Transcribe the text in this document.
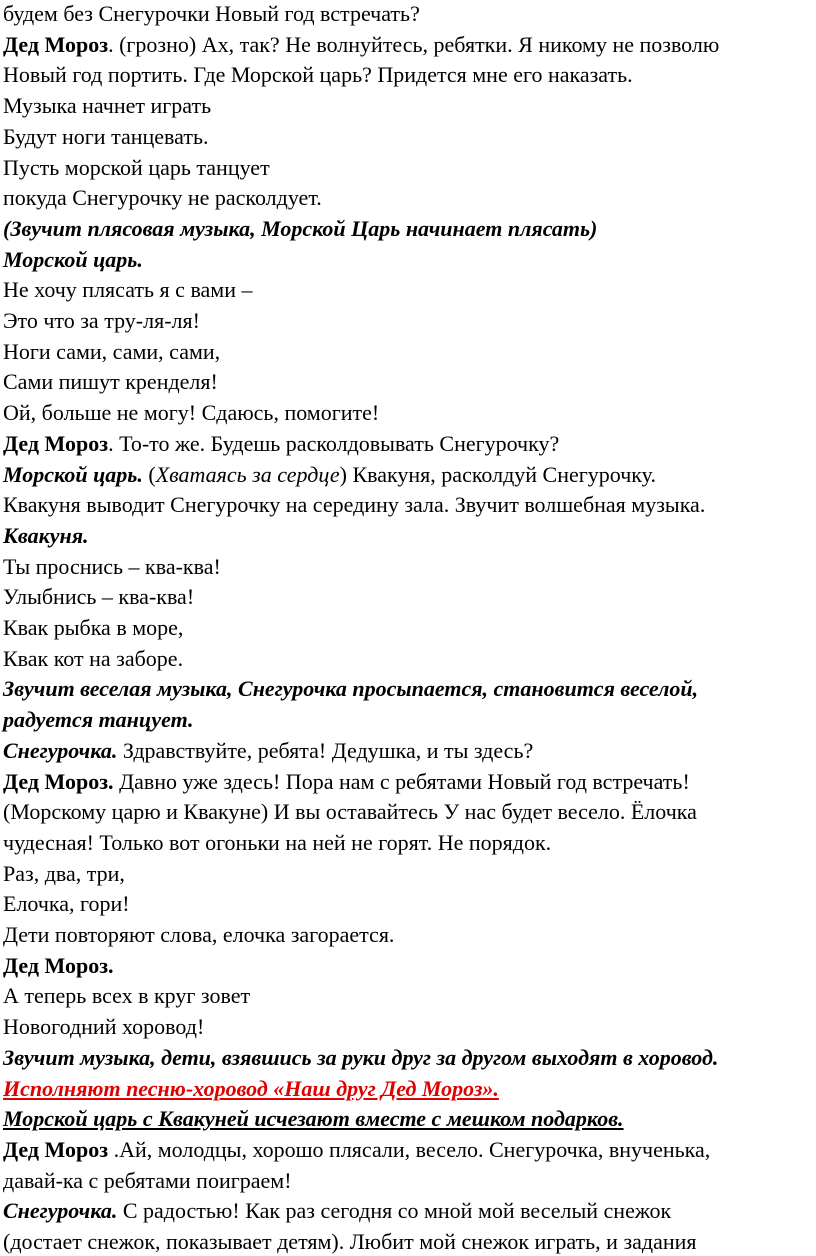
будем без Снегурочки Новый год встречать?
Дед Мороз. (грозно) Ах, так? Не волнуйтесь, ребятки. Я никому не позволю
Новый год портить. Где Морской царь? Придется мне его наказать.
Музыка начнет играть
Будут ноги танцевать.
Пусть морской царь танцует
покуда Снегурочку не расколдует.
(Звучит плясовая музыка, Морской Царь начинает плясать)
Морской царь.
Не хочу плясать я с вами –
Это что за тру-ля-ля!
Ноги сами, сами, сами,
Сами пишут кренделя!
Ой, больше не могу! Сдаюсь, помогите!
Дед Мороз. То-то же. Будешь расколдовывать Снегурочку?
Морской царь. (Хватаясь за сердце) Квакуня, расколдуй Снегурочку.
Квакуня выводит Снегурочку на середину зала. Звучит волшебная музыка.
Квакуня.
Ты проснись – ква-ква!
Улыбнись – ква-ква!
Квак рыбка в море,
Квак кот на заборе.
Звучит веселая музыка, Снегурочка просыпается, становится веселой,
радуется танцует.
Снегурочка. Здравствуйте, ребята! Дедушка, и ты здесь?
Дед Мороз. Давно уже здесь! Пора нам с ребятами Новый год встречать!
(Морскому царю и Квакуне) И вы оставайтесь У нас будет весело. Ёлочка
чудесная! Только вот огоньки на ней не горят. Не порядок.
Раз, два, три,
Елочка, гори!
Дети повторяют слова, елочка загорается.
Дед Мороз.
А теперь всех в круг зовет
Новогодний хоровод!
Звучит музыка, дети, взявшись за руки друг за другом выходят в хоровод.
Исполняют песню-хоровод «Наш друг Дед Мороз».
Морской царь с Квакуней исчезают вместе с мешком подарков.
Дед Мороз .Ай, молодцы, хорошо плясали, весело. Снегурочка, внученька,
давай-ка с ребятами поиграем!
Снегурочка. С радостью! Как раз сегодня со мной мой веселый снежок
(достает снежок, показывает детям). Любит мой снежок играть, и задания
